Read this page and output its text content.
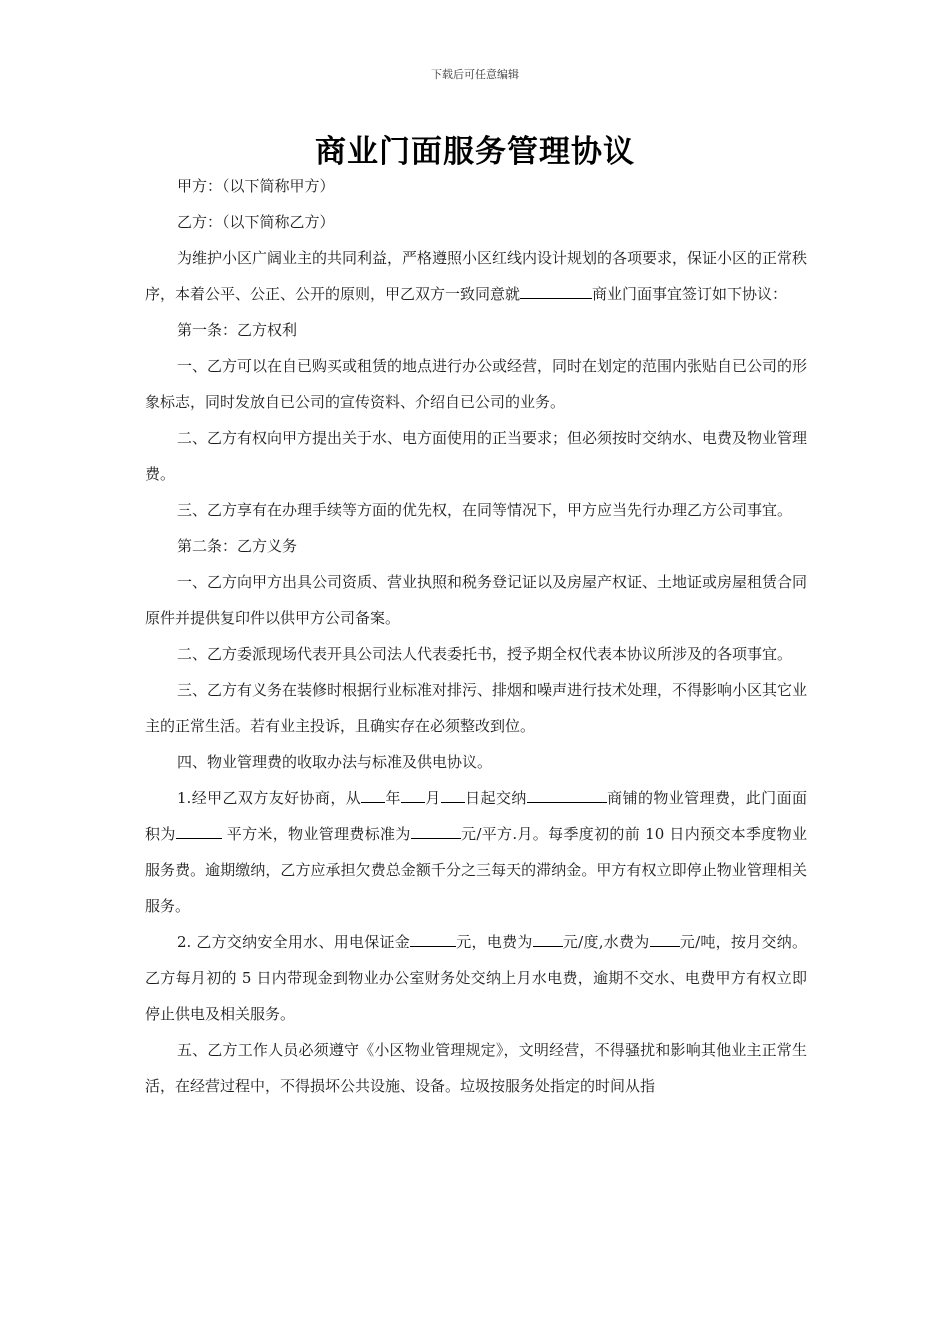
下载后可任意编辑
商业门面服务管理协议

甲方：（以下简称甲方）

乙方：（以下简称乙方）

为维护小区广阔业主的共同利益，严格遵照小区红线内设计规划的各项要求，保证小区的正常秩序，本着公平、公正、公开的原则，甲乙双方一致同意就	商业门面事宜签订如下协议：

第一条：乙方权利

一、乙方可以在自已购买或租赁的地点进行办公或经营，同时在划定的范围内张贴自已公司的形象标志，同时发放自已公司的宣传资料、介绍自已公司的业务。

二、乙方有权向甲方提出关于水、电方面使用的正当要求；但必须按时交纳水、电费及物业管理费。

三、乙方享有在办理手续等方面的优先权，在同等情况下，甲方应当先行办理乙方公司事宜。

第二条：乙方义务

一、乙方向甲方出具公司资质、营业执照和税务登记证以及房屋产权证、土地证或房屋租赁合同原件并提供复印件以供甲方公司备案。

二、乙方委派现场代表开具公司法人代表委托书，授予期全权代表本协议所涉及的各项事宜。

三、乙方有义务在装修时根据行业标准对排污、排烟和噪声进行技术处理，不得影响小区其它业主的正常生活。若有业主投诉，且确实存在必须整改到位。

四、物业管理费的收取办法与标准及供电协议。

1.经甲乙双方友好协商，从 年 月 日起交纳	商铺的物业管理费，此门面面积为	平方米，物业管理费标准为	元/平方.月。每季度初的前 10 日内预交本季度物业服务费。逾期缴纳，乙方应承担欠费总金额千分之三每天的滞纳金。甲方有权立即停止物业管理相关服务。

2. 乙方交纳安全用水、用电保证金	元，电费为 元/度,水费为 元/吨，按月交纳。乙方每月初的 5 日内带现金到物业办公室财务处交纳上月水电费，逾期不交水、电费甲方有权立即停止供电及相关服务。

五、乙方工作人员必须遵守《小区物业管理规定》，文明经营，不得骚扰和影响其他业主正常生活，在经营过程中，不得损坏公共设施、设备。垃圾按服务处指定的时间从指
